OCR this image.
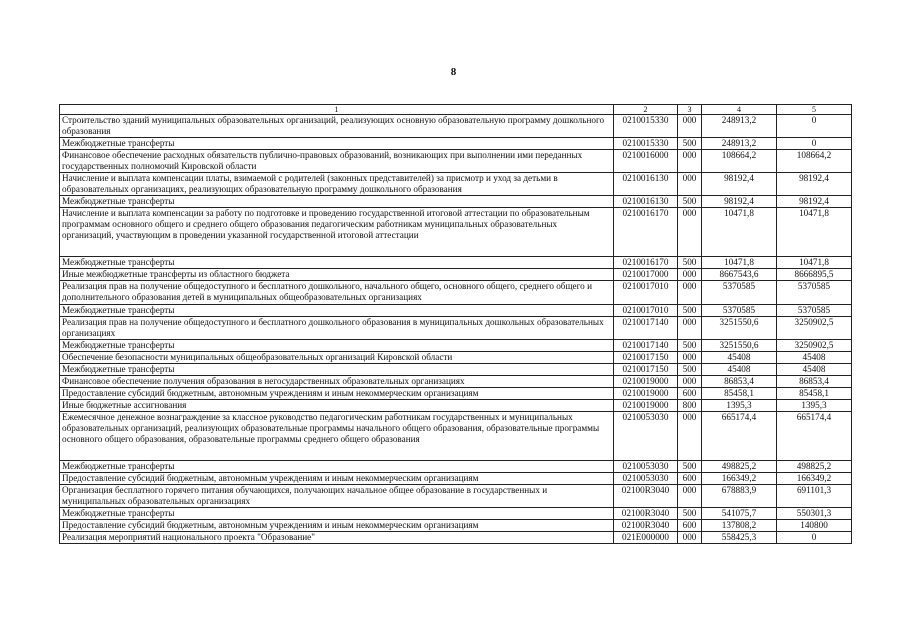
8
1	2	3	4	5
Строительство зданий муниципальных образовательных организаций, реализующих основную образовательную программу дошкольного образования	0210015330	000	248913,2	0
Межбюджетные трансферты	0210015330	500	248913,2	0
Финансовое обеспечение расходных обязательств публично-правовых образований, возникающих при выполнении ими переданных государственных полномочий Кировской области	0210016000	000	108664,2	108664,2
Начисление и выплата компенсации платы, взимаемой с родителей (законных представителей) за присмотр и уход за детьми в образовательных организациях, реализующих образовательную программу дошкольного образования	0210016130	000	98192,4	98192,4
Межбюджетные трансферты	0210016130	500	98192,4	98192,4
Начисление и выплата компенсации за работу по подготовке и проведению государственной итоговой аттестации по образовательным программам основного общего и среднего общего образования педагогическим работникам муниципальных образовательных организаций, участвующим в проведении указанной государственной итоговой аттестации	0210016170	000	10471,8	10471,8
Межбюджетные трансферты	0210016170	500	10471,8	10471,8
Иные межбюджетные трансферты из областного бюджета	0210017000	000	8667543,6	8666895,5
Реализация прав на получение общедоступного и бесплатного дошкольного, начального общего, основного общего, среднего общего и дополнительного образования детей в муниципальных общеобразовательных организациях	0210017010	000	5370585	5370585
Межбюджетные трансферты	0210017010	500	5370585	5370585
Реализация прав на получение общедоступного и бесплатного дошкольного образования в муниципальных дошкольных образовательных организациях	0210017140	000	3251550,6	3250902,5
Межбюджетные трансферты	0210017140	500	3251550,6	3250902,5
Обеспечение безопасности муниципальных общеобразовательных организаций Кировской области	0210017150	000	45408	45408
Межбюджетные трансферты	0210017150	500	45408	45408
Финансовое обеспечение получения образования в негосударственных образовательных организациях	0210019000	000	86853,4	86853,4
Предоставление субсидий бюджетным, автономным учреждениям и иным некоммерческим организациям	0210019000	600	85458,1	85458,1
Иные бюджетные ассигнования	0210019000	800	1395,3	1395,3
Ежемесячное денежное вознаграждение за классное руководство педагогическим работникам государственных и муниципальных образовательных организаций, реализующих образовательные программы начального общего образования, образовательные программы основного общего образования, образовательные программы среднего общего образования	0210053030	000	665174,4	665174,4
Межбюджетные трансферты	0210053030	500	498825,2	498825,2
Предоставление субсидий бюджетным, автономным учреждениям и иным некоммерческим организациям	0210053030	600	166349,2	166349,2
Организация бесплатного горячего питания обучающихся, получающих начальное общее образование в государственных и муниципальных образовательных организациях	02100R3040	000	678883,9	691101,3
Межбюджетные трансферты	02100R3040	500	541075,7	550301,3
Предоставление субсидий бюджетным, автономным учреждениям и иным некоммерческим организациям	02100R3040	600	137808,2	140800
Реализация мероприятий национального проекта "Образование"	021E000000	000	558425,3	0
